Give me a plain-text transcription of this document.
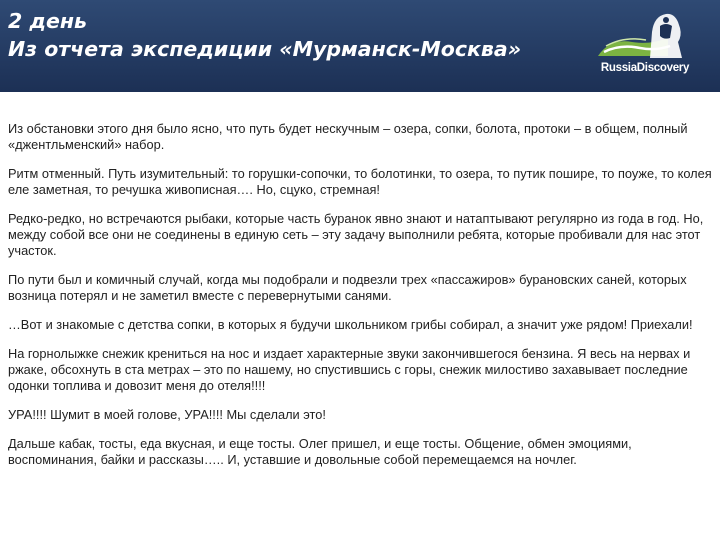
2 день
Из отчета экспедиции «Мурманск-Москва»
RussiaDiscovery

Из обстановки этого дня было ясно, что путь будет нескучным – озера, сопки, болота, протоки – в общем, полный «джентльменский» набор.

Ритм отменный. Путь изумительный: то горушки-сопочки, то болотинки, то озера, то путик пошире, то поуже, то колея еле заметная, то речушка живописная…. Но, сцуко, стремная!

Редко-редко, но встречаются рыбаки, которые часть буранок явно знают и натаптывают регулярно из года в год. Но, между собой все они не соединены в единую сеть – эту задачу выполнили ребята, которые пробивали для нас этот участок.

По пути был и комичный случай, когда мы подобрали и подвезли трех «пассажиров» бурановских саней, которых возница потерял и не заметил вместе с перевернутыми санями.

…Вот и знакомые с детства сопки, в которых я будучи школьником грибы собирал, а значит уже рядом! Приехали!

На горнолыжке снежик крениться на нос и издает характерные звуки закончившегося бензина. Я весь на нервах и ржаке, обсохнуть в ста метрах – это по нашему, но спустившись с горы, снежик милостиво захавывает последние одонки топлива и довозит меня до отеля!!!!

УРА!!!! Шумит в моей голове, УРА!!!! Мы сделали это!

Дальше кабак, тосты, еда вкусная, и еще тосты. Олег пришел, и еще тосты. Общение, обмен эмоциями, воспоминания, байки и рассказы….. И, уставшие и довольные собой перемещаемся на ночлег.
